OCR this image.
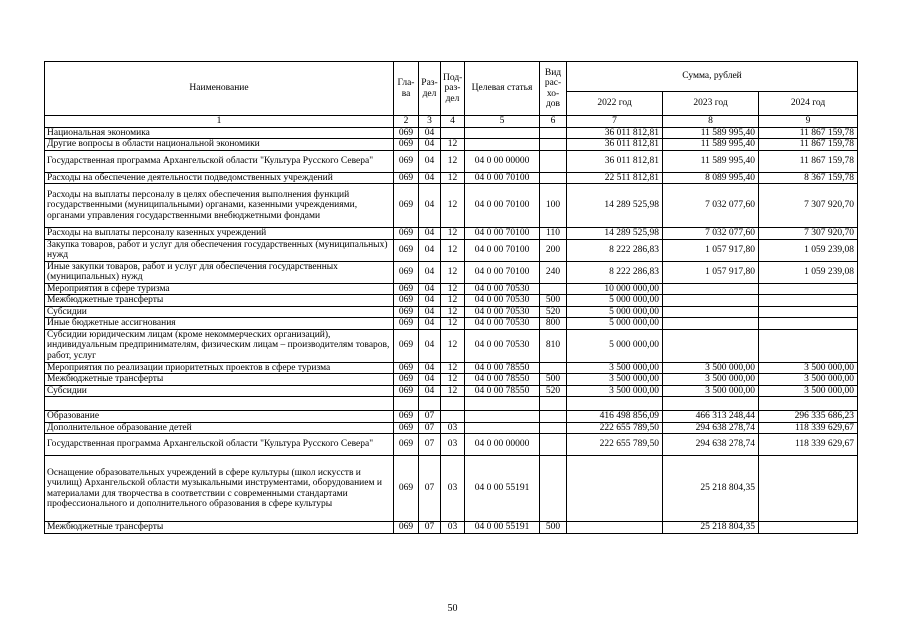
Наименование	Гла-ва	Раз-дел	Под-раз-дел	Целевая статья	Вид рас-хо-дов	Сумма, рублей		
						2022 год	2023 год	2024 год
1	2	3	4	5	6	7	8	9
Национальная экономика	069	04				36 011 812,81	11 589 995,40	11 867 159,78
Другие вопросы в области национальной экономики	069	04	12			36 011 812,81	11 589 995,40	11 867 159,78
Государственная программа Архангельской области "Культура Русского Севера"	069	04	12	04 0 00 00000		36 011 812,81	11 589 995,40	11 867 159,78
Расходы на обеспечение деятельности подведомственных учреждений	069	04	12	04 0 00 70100		22 511 812,81	8 089 995,40	8 367 159,78
Расходы на выплаты персоналу в целях обеспечения выполнения функций государственными (муниципальными) органами, казенными учреждениями, органами управления государственными внебюджетными фондами	069	04	12	04 0 00 70100	100	14 289 525,98	7 032 077,60	7 307 920,70
Расходы на выплаты персоналу казенных учреждений	069	04	12	04 0 00 70100	110	14 289 525,98	7 032 077,60	7 307 920,70
Закупка товаров, работ и услуг для обеспечения государственных (муниципальных) нужд	069	04	12	04 0 00 70100	200	8 222 286,83	1 057 917,80	1 059 239,08
Иные закупки товаров, работ и услуг для обеспечения государственных (муниципальных) нужд	069	04	12	04 0 00 70100	240	8 222 286,83	1 057 917,80	1 059 239,08
Мероприятия в сфере туризма	069	04	12	04 0 00 70530		10 000 000,00		
Межбюджетные трансферты	069	04	12	04 0 00 70530	500	5 000 000,00		
Субсидии	069	04	12	04 0 00 70530	520	5 000 000,00		
Иные бюджетные ассигнования	069	04	12	04 0 00 70530	800	5 000 000,00		
Субсидии юридическим лицам (кроме некоммерческих организаций), индивидуальным предпринимателям, физическим лицам – производителям товаров, работ, услуг	069	04	12	04 0 00 70530	810	5 000 000,00		
Мероприятия по реализации приоритетных проектов в сфере туризма	069	04	12	04 0 00 78550		3 500 000,00	3 500 000,00	3 500 000,00
Межбюджетные трансферты	069	04	12	04 0 00 78550	500	3 500 000,00	3 500 000,00	3 500 000,00
Субсидии	069	04	12	04 0 00 78550	520	3 500 000,00	3 500 000,00	3 500 000,00

Образование	069	07				416 498 856,09	466 313 248,44	296 335 686,23
Дополнительное образование детей	069	07	03			222 655 789,50	294 638 278,74	118 339 629,67
Государственная программа Архангельской области "Культура Русского Севера"	069	07	03	04 0 00 00000		222 655 789,50	294 638 278,74	118 339 629,67
Оснащение образовательных учреждений в сфере культуры (школ искусств и училищ) Архангельской области музыкальными инструментами, оборудованием и материалами для творчества в соответствии с современными стандартами профессионального и дополнительного образования в сфере культуры	069	07	03	04 0 00 55191			25 218 804,35	
Межбюджетные трансферты	069	07	03	04 0 00 55191	500		25 218 804,35	
50
